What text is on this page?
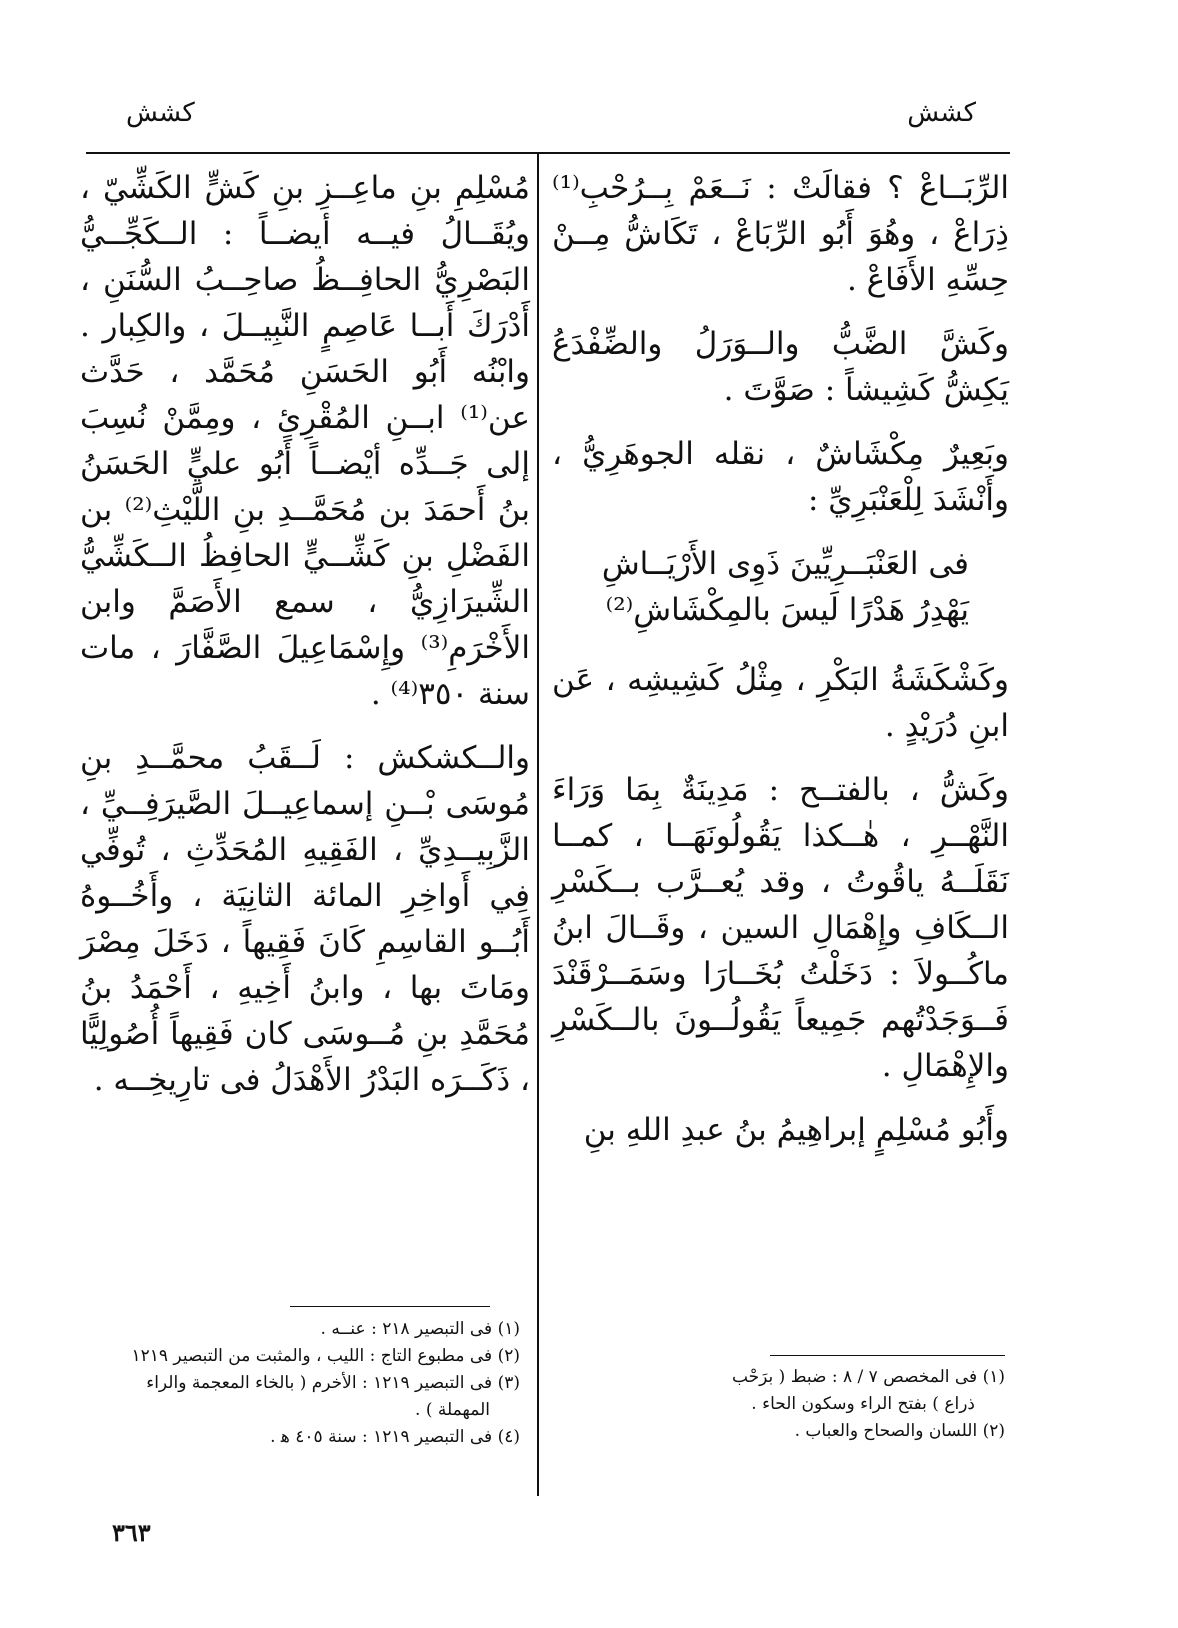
كشش	كشش

الرِّبَــاعْ ؟ فقالَتْ : نَــعَمْ بِــرُحْبِ⁽¹⁾ ذِرَاعْ ، وهُوَ أَبُو الرِّبَاعْ ، تَكَاشُّ مِــنْ حِسِّهِ الأَفَاعْ .

وكَشَّ الضَّبُّ والــوَرَلُ والضِّفْدَعُ يَكِشُّ كَشِيشاً : صَوَّتَ .

وبَعِيرٌ مِكْشَاشٌ ، نقله الجوهَرِيُّ ، وأَنْشَدَ لِلْعَنْبَرِيِّ :

فى العَنْبَــرِيِّينَ ذَوِى الأَرْيَــاشِ
يَهْدِرُ هَدْرًا لَيسَ بالمِكْشَاشِ⁽²⁾

وكَشْكَشَةُ البَكْرِ ، مِثْلُ كَشِيشِه ، عَن ابنِ دُرَيْدٍ .

وكَشُّ ، بالفتــح : مَدِينَةٌ بِمَا وَرَاءَ النَّهْــرِ ، هٰــكذا يَقُولُونَهَــا ، كمــا نَقَلَــهُ ياقُوتُ ، وقد يُعــرَّب بــكَسْرِ الــكَافِ وإِهْمَالِ السين ، وقَــالَ ابنُ ماكُــولاَ : دَخَلْتُ بُخَــارَا وسَمَــرْقَنْدَ فَــوَجَدْتُهم جَمِيعاً يَقُولُــونَ بالــكَسْرِ والإِهْمَالِ .

وأَبُو مُسْلِمٍ إبراهِيمُ بنُ عبدِ اللهِ بنِ

مُسْلِمِ بنِ ماعِــزِ بنِ كَشٍّ الكَشِّيّ ، ويُقَــالُ فيــه أيضــاً : الــكَجِّــيُّ البَصْرِيُّ الحافِــظُ صاحِــبُ السُّنَنِ ، أَدْرَكَ أَبــا عَاصِمٍ النَّبِيــلَ ، والكِبار . وابْنُه أَبُو الحَسَنِ مُحَمَّد ، حَدَّث عن⁽¹⁾ ابــنِ المُقْرِئِ ، ومِمَّنْ نُسِبَ إلى جَــدِّه أيْضــاً أَبُو عليٍّ الحَسَنُ بنُ أَحمَدَ بن مُحَمَّــدِ بنِ اللَّيْثِ⁽²⁾ بن الفَضْلِ بنِ كَشِّــيٍّ الحافِظُ الــكَشِّيُّ الشِّيرَازِيُّ ، سمع الأَصَمَّ وابن الأَخْرَمِ⁽³⁾ وإِسْمَاعِيلَ الصَّفَّارَ ، مات سنة ٣٥٠⁽⁴⁾ .

والــكشكش : لَــقَبُ محمَّــدِ بنِ مُوسَى بْــنِ إسماعِيــلَ الصَّيرَفِــيِّ ، الزَّبِيــدِيِّ ، الفَقِيهِ المُحَدِّثِ ، تُوفِّي فِي أَواخِرِ المائة الثانِيَة ، وأَخُــوهُ أَبُــو القاسِمِ كَانَ فَقِيهاً ، دَخَلَ مِصْرَ ومَاتَ بها ، وابنُ أَخِيهِ ، أَحْمَدُ بنُ مُحَمَّدِ بنِ مُــوسَى كان فَقِيهاً أُصُولِيًّا ، ذَكَــرَه البَدْرُ الأَهْدَلُ فى تارِيخِــه .

(١) فى التبصير ٢١٨ : عنــه .
(٢) فى مطبوع التاج : الليب ، والمثبت من التبصير ١٢١٩
(٣) فى التبصير ١٢١٩ : الأخرم ( بالخاء المعجمة والراء
المهملة ) .
(٤) فى التبصير ١٢١٩ : سنة ٤٠٥ ﻫ .
(١) فى المخصص ٧ / ٨ : ضبط ( برَحْب
ذراع ) بفتح الراء وسكون الحاء .
(٢) اللسان والصحاح والعباب .
٣٦٣
